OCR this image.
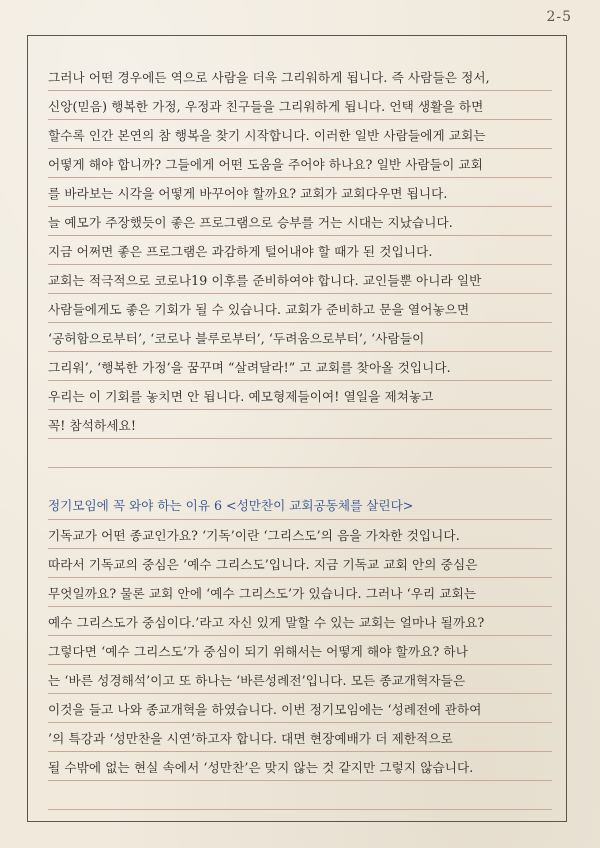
2-5
그러나 어떤 경우에든 역으로 사람을 더욱 그리워하게 됩니다. 즉 사람들은 정서,
신앙(믿음) 행복한 가정, 우정과 친구들을 그리워하게 됩니다. 언택 생활을 하면
할수록 인간 본연의 참 행복을 찾기 시작합니다. 이러한 일반 사람들에게 교회는
어떻게 해야 합니까? 그들에게 어떤 도움을 주어야 하나요? 일반 사람들이 교회
를 바라보는 시각을 어떻게 바꾸어야 할까요? 교회가 교회다우면 됩니다.
늘 예모가 주장했듯이 좋은 프로그램으로 승부를 거는 시대는 지났습니다.
지금 어쩌면 좋은 프로그램은 과감하게 털어내야 할 때가 된 것입니다.
교회는 적극적으로 코로나19 이후를 준비하여야 합니다. 교인들뿐 아니라 일반
사람들에게도 좋은 기회가 될 수 있습니다. 교회가 준비하고 문을 열어놓으면
‘공허함으로부터’, ‘코로나 블루로부터’, ‘두려움으로부터’, ‘사람들이
그리워’, ‘행복한 가정’을 꿈꾸며 “살려달라!” 고 교회를 찾아올 것입니다.
우리는 이 기회를 놓치면 안 됩니다. 예모형제들이여! 열일을 제쳐놓고
꼭! 참석하세요!
정기모임에 꼭 와야 하는 이유 6 <성만찬이 교회공동체를 살린다>
기독교가 어떤 종교인가요? ‘기독’이란 ‘그리스도’의 음을 가차한 것입니다.
따라서 기독교의 중심은 ‘예수 그리스도’입니다. 지금 기독교 교회 안의 중심은
무엇일까요? 물론 교회 안에 ‘예수 그리스도’가 있습니다. 그러나 ‘우리 교회는
예수 그리스도가 중심이다.’라고 자신 있게 말할 수 있는 교회는 얼마나 될까요?
그렇다면 ‘예수 그리스도’가 중심이 되기 위해서는 어떻게 해야 할까요? 하나
는 ‘바른 성경해석’이고 또 하나는 ‘바른성례전’입니다. 모든 종교개혁자들은
이것을 들고 나와 종교개혁을 하였습니다. 이번 정기모임에는 ‘성례전에 관하여
’의 특강과 ‘성만찬을 시연’하고자 합니다. 대면 현장예배가 더 제한적으로
될 수밖에 없는 현실 속에서 ‘성만찬’은 맞지 않는 것 같지만 그렇지 않습니다.
